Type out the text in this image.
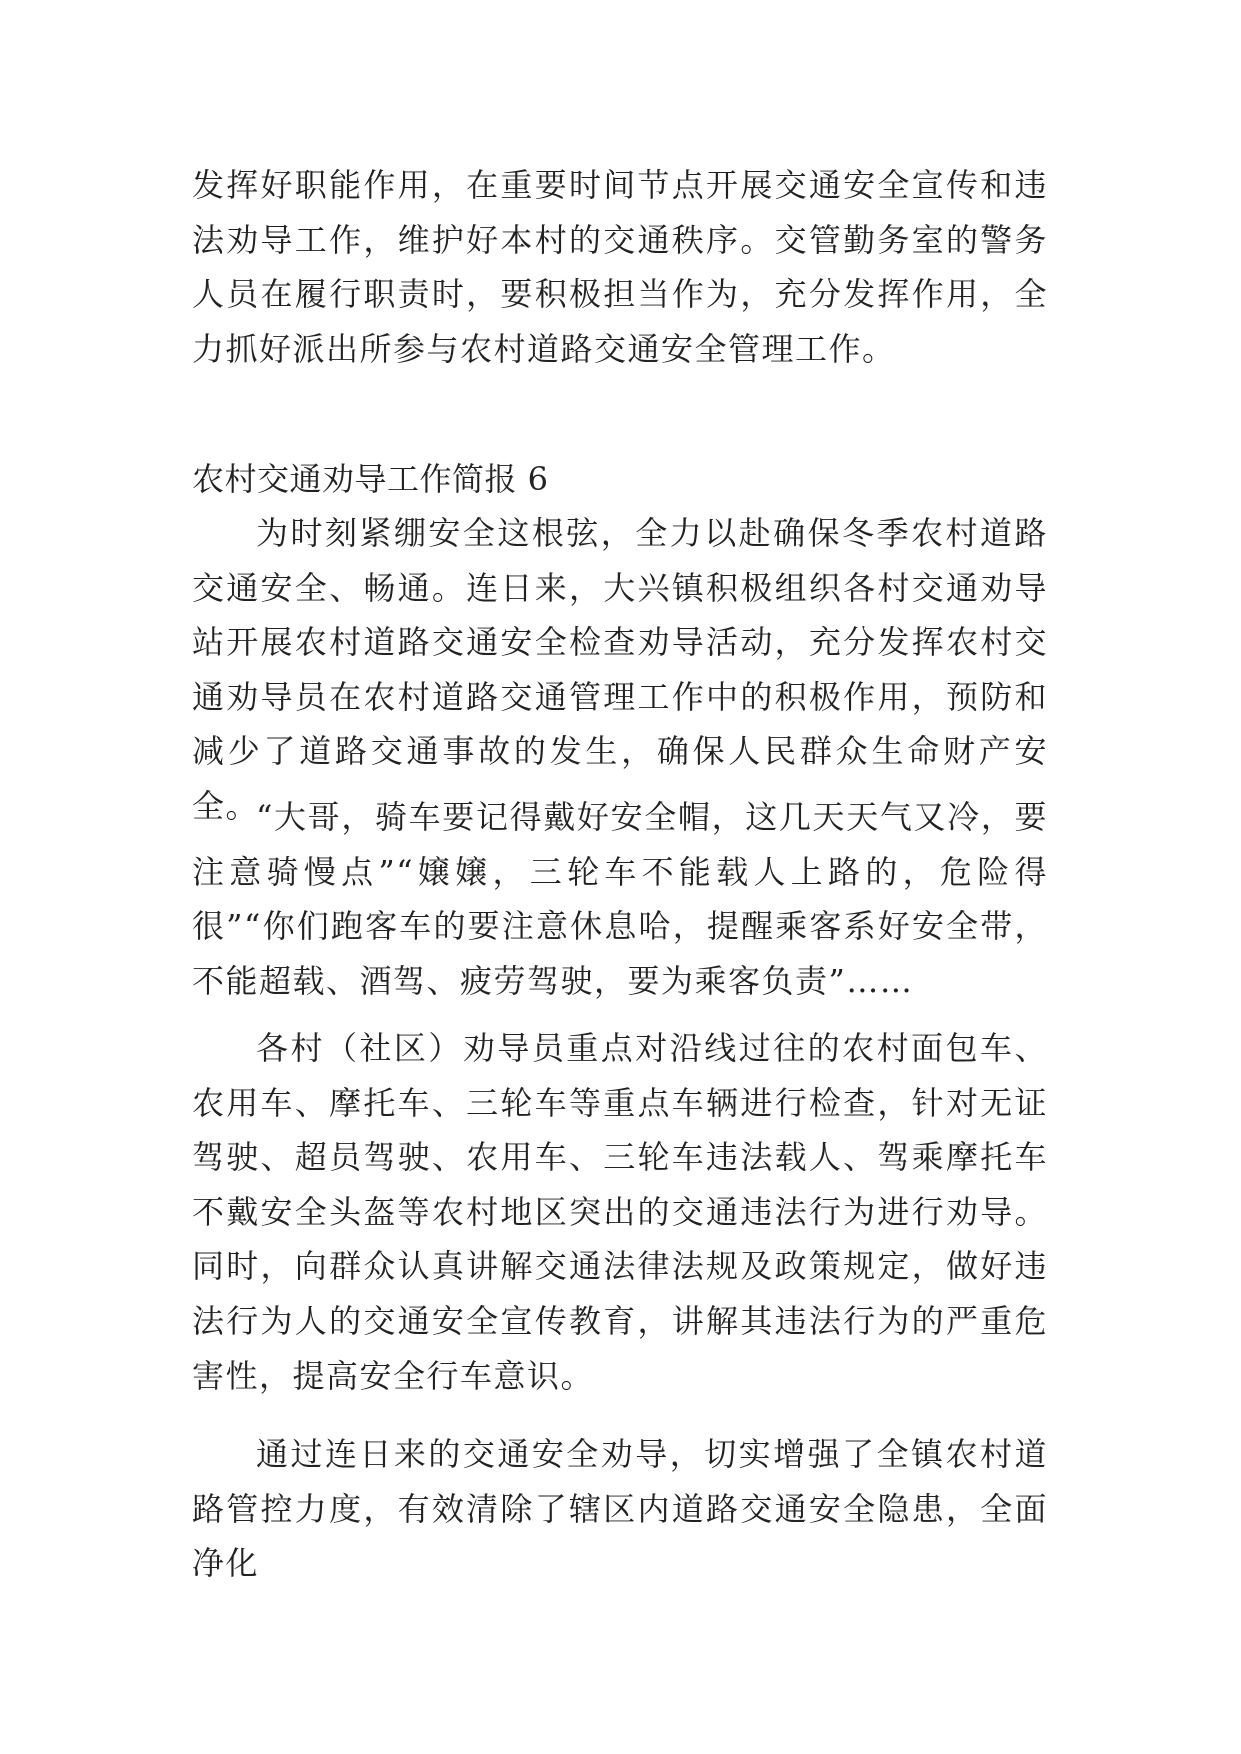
发挥好职能作用，在重要时间节点开展交通安全宣传和违法劝导工作，维护好本村的交通秩序。交管勤务室的警务人员在履行职责时，要积极担当作为，充分发挥作用，全力抓好派出所参与农村道路交通安全管理工作。

农村交通劝导工作简报 6

为时刻紧绷安全这根弦，全力以赴确保冬季农村道路交通安全、畅通。连日来，大兴镇积极组织各村交通劝导站开展农村道路交通安全检查劝导活动，充分发挥农村交通劝导员在农村道路交通管理工作中的积极作用，预防和减少了道路交通事故的发生，确保人民群众生命财产安全。

“大哥，骑车要记得戴好安全帽，这几天天气又冷，要注意骑慢点”“嬢嬢，三轮车不能载人上路的，危险得很”“你们跑客车的要注意休息哈，提醒乘客系好安全带，不能超载、酒驾、疲劳驾驶，要为乘客负责”……

各村（社区）劝导员重点对沿线过往的农村面包车、农用车、摩托车、三轮车等重点车辆进行检查，针对无证驾驶、超员驾驶、农用车、三轮车违法载人、驾乘摩托车不戴安全头盔等农村地区突出的交通违法行为进行劝导。同时，向群众认真讲解交通法律法规及政策规定，做好违法行为人的交通安全宣传教育，讲解其违法行为的严重危害性，提高安全行车意识。

通过连日来的交通安全劝导，切实增强了全镇农村道路管控力度，有效清除了辖区内道路交通安全隐患，全面净化
